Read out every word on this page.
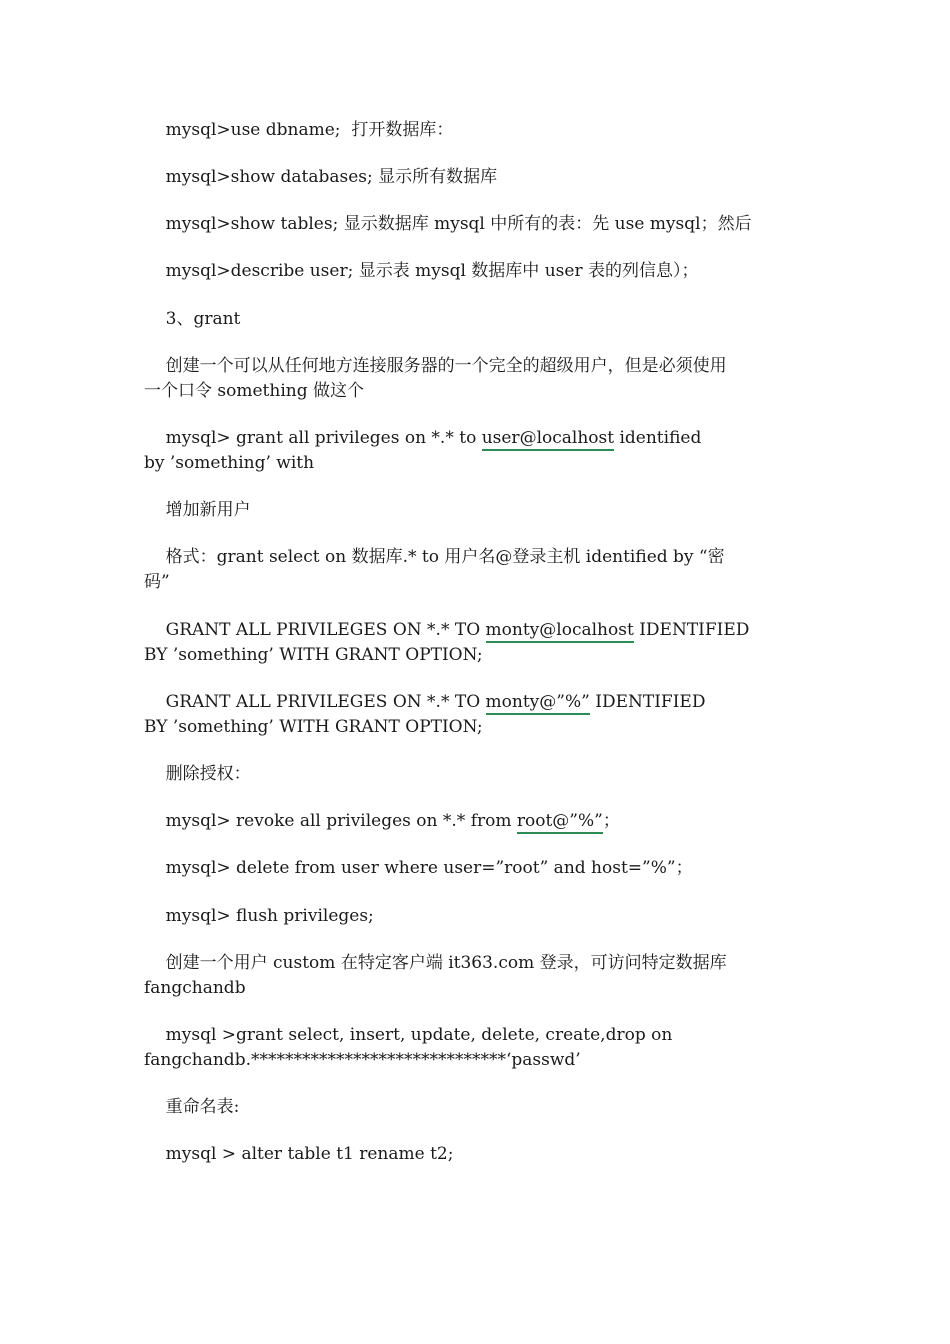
mysql>use dbname;  打开数据库：
mysql>show databases; 显示所有数据库
mysql>show tables; 显示数据库 mysql 中所有的表：先 use mysql；然后
mysql>describe user; 显示表 mysql 数据库中 user 表的列信息）；
3、grant
创建一个可以从任何地方连接服务器的一个完全的超级用户，但是必须使用
一个口令 something 做这个
mysql> grant all privileges on *.* to user@localhost identified
by ’something’ with
增加新用户
格式：grant select on 数据库.* to 用户名@登录主机 identified by “密
码”
GRANT ALL PRIVILEGES ON *.* TO monty@localhost IDENTIFIED
BY ’something’ WITH GRANT OPTION;
GRANT ALL PRIVILEGES ON *.* TO monty@”%” IDENTIFIED
BY ’something’ WITH GRANT OPTION;
删除授权：
mysql> revoke all privileges on *.* from root@”%”；
mysql> delete from user where user=”root” and host=”%”；
mysql> flush privileges;
创建一个用户 custom 在特定客户端 it363.com 登录，可访问特定数据库
fangchandb
mysql >grant select, insert, update, delete, create,drop on
fangchandb.******************************‘passwd’
重命名表:
mysql > alter table t1 rename t2;
